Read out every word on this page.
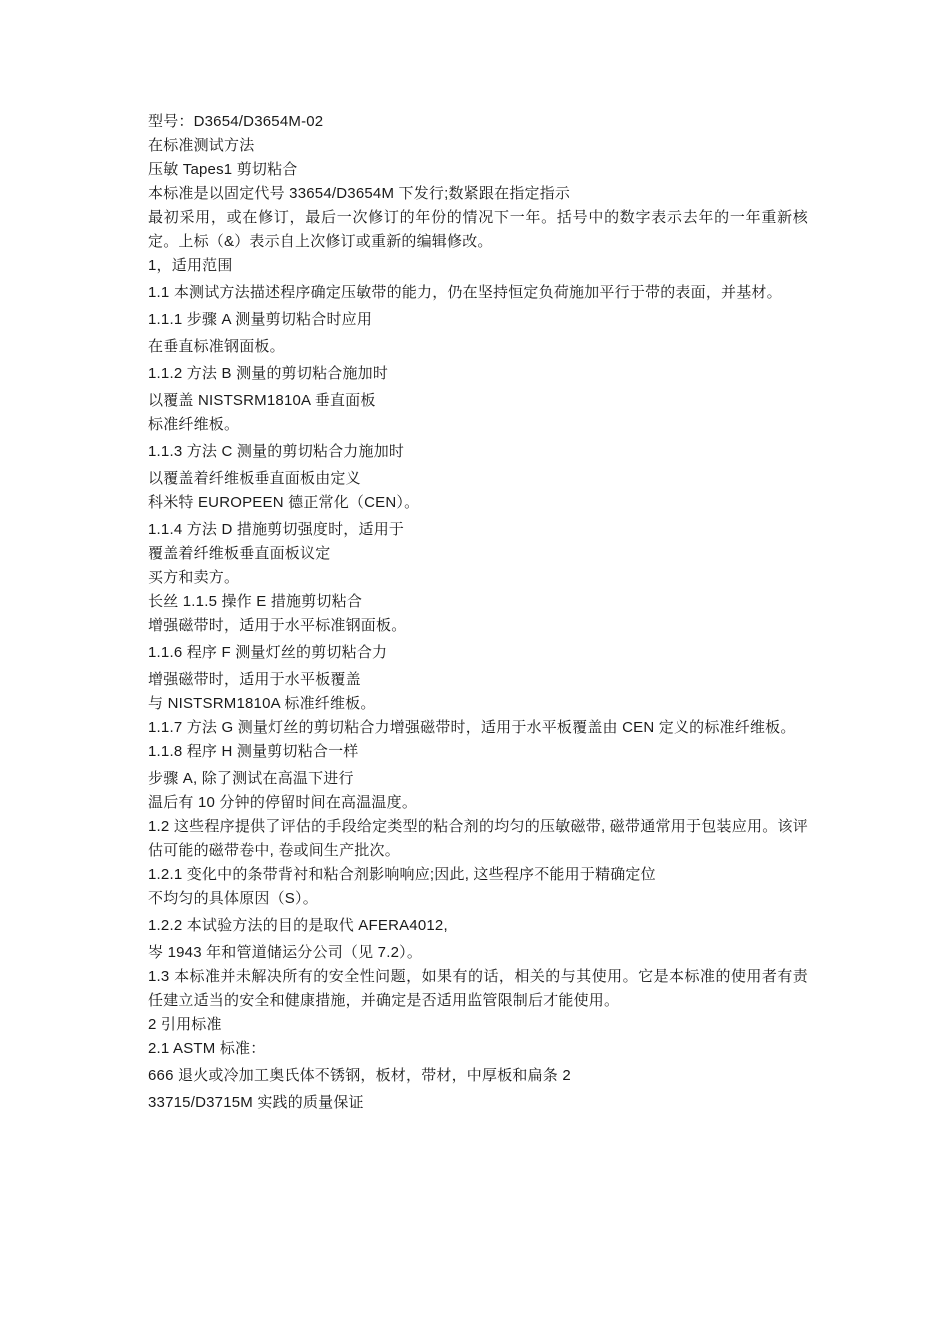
型号：D3654/D3654M-02
在标准测试方法
压敏 Tapes1 剪切粘合
本标准是以固定代号 33654/D3654M 下发行;数紧跟在指定指示
最初采用，或在修订，最后一次修订的年份的情况下一年。括号中的数字表示去年的一年重新核定。上标（&）表示自上次修订或重新的编辑修改。
1，适用范围
1.1 本测试方法描述程序确定压敏带的能力，仍在坚持恒定负荷施加平行于带的表面，并基材。
1.1.1 步骤 A 测量剪切粘合时应用
在垂直标准钢面板。
1.1.2 方法 B 测量的剪切粘合施加时
以覆盖 NISTSRM1810A 垂直面板
标准纤维板。
1.1.3 方法 C 测量的剪切粘合力施加时
以覆盖着纤维板垂直面板由定义
科米特 EUROPEEN 德正常化（CEN）。
1.1.4 方法 D 措施剪切强度时，适用于
覆盖着纤维板垂直面板议定
买方和卖方。
长丝 1.1.5 操作 E 措施剪切粘合
增强磁带时，适用于水平标准钢面板。
1.1.6 程序 F 测量灯丝的剪切粘合力
增强磁带时，适用于水平板覆盖
与 NISTSRM1810A 标准纤维板。
1.1.7 方法 G 测量灯丝的剪切粘合力增强磁带时，适用于水平板覆盖由 CEN 定义的标准纤维板。
1.1.8 程序 H 测量剪切粘合一样
步骤 A, 除了测试在高温下进行
温后有 10 分钟的停留时间在高温温度。
1.2 这些程序提供了评估的手段给定类型的粘合剂的均匀的压敏磁带, 磁带通常用于包装应用。该评估可能的磁带卷中, 卷或间生产批次。
1.2.1 变化中的条带背衬和粘合剂影响响应;因此, 这些程序不能用于精确定位
不均匀的具体原因（S）。
1.2.2 本试验方法的目的是取代 AFERA4012,
岑 1943 年和管道储运分公司（见 7.2）。
1.3 本标准并未解决所有的安全性问题，如果有的话，相关的与其使用。它是本标准的使用者有责任建立适当的安全和健康措施，并确定是否适用监管限制后才能使用。
2 引用标准
2.1 ASTM 标准：
666 退火或冷加工奥氏体不锈钢，板材，带材，中厚板和扁条 2
33715/D3715M 实践的质量保证
